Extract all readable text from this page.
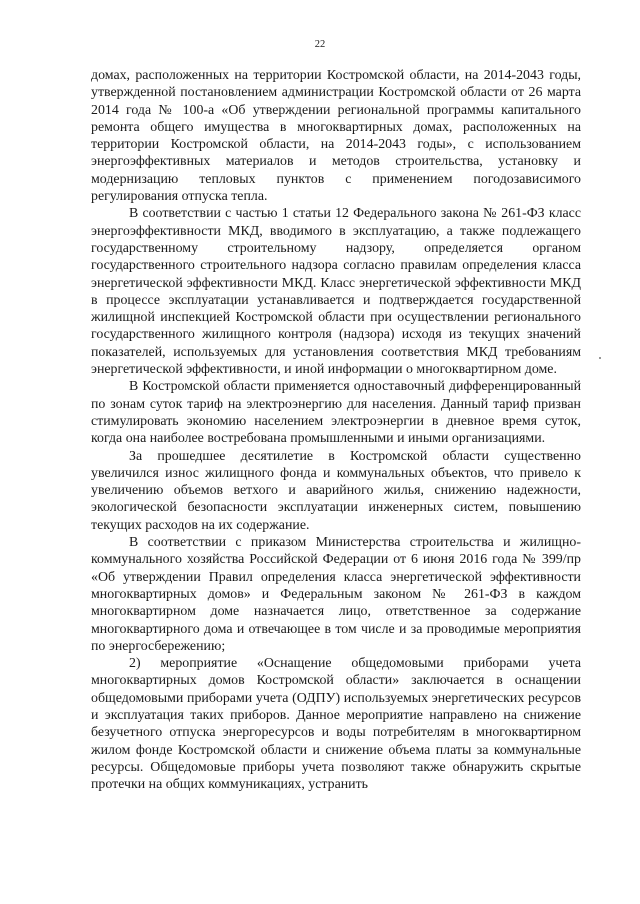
22

домах, расположенных на территории Костромской области, на 2014-2043 годы, утвержденной постановлением администрации Костромской области от 26 марта 2014 года № 100-а «Об утверждении региональной программы капитального ремонта общего имущества в многоквартирных домах, расположенных на территории Костромской области, на 2014-2043 годы», с использованием энергоэффективных материалов и методов строительства, установку и модернизацию тепловых пунктов с применением погодозависимого регулирования отпуска тепла.

В соответствии с частью 1 статьи 12 Федерального закона № 261-ФЗ класс энергоэффективности МКД, вводимого в эксплуатацию, а также подлежащего государственному строительному надзору, определяется органом государственного строительного надзора согласно правилам определения класса энергетической эффективности МКД. Класс энергетической эффективности МКД в процессе эксплуатации устанавливается и подтверждается государственной жилищной инспекцией Костромской области при осуществлении регионального государственного жилищного контроля (надзора) исходя из текущих значений показателей, используемых для установления соответствия МКД требованиям энергетической эффективности, и иной информации о многоквартирном доме.

В Костромской области применяется одноставочный дифференцированный по зонам суток тариф на электроэнергию для населения. Данный тариф призван стимулировать экономию населением электроэнергии в дневное время суток, когда она наиболее востребована промышленными и иными организациями.

За прошедшее десятилетие в Костромской области существенно увеличился износ жилищного фонда и коммунальных объектов, что привело к увеличению объемов ветхого и аварийного жилья, снижению надежности, экологической безопасности эксплуатации инженерных систем, повышению текущих расходов на их содержание.

В соответствии с приказом Министерства строительства и жилищно-коммунального хозяйства Российской Федерации от 6 июня 2016 года № 399/пр «Об утверждении Правил определения класса энергетической эффективности многоквартирных домов» и Федеральным законом № 261-ФЗ в каждом многоквартирном доме назначается лицо, ответственное за содержание многоквартирного дома и отвечающее в том числе и за проводимые мероприятия по энергосбережению;

2) мероприятие «Оснащение общедомовыми приборами учета многоквартирных домов Костромской области» заключается в оснащении общедомовыми приборами учета (ОДПУ) используемых энергетических ресурсов и эксплуатация таких приборов. Данное мероприятие направлено на снижение безучетного отпуска энергоресурсов и воды потребителям в многоквартирном жилом фонде Костромской области и снижение объема платы за коммунальные ресурсы. Общедомовые приборы учета позволяют также обнаружить скрытые протечки на общих коммуникациях, устранить
